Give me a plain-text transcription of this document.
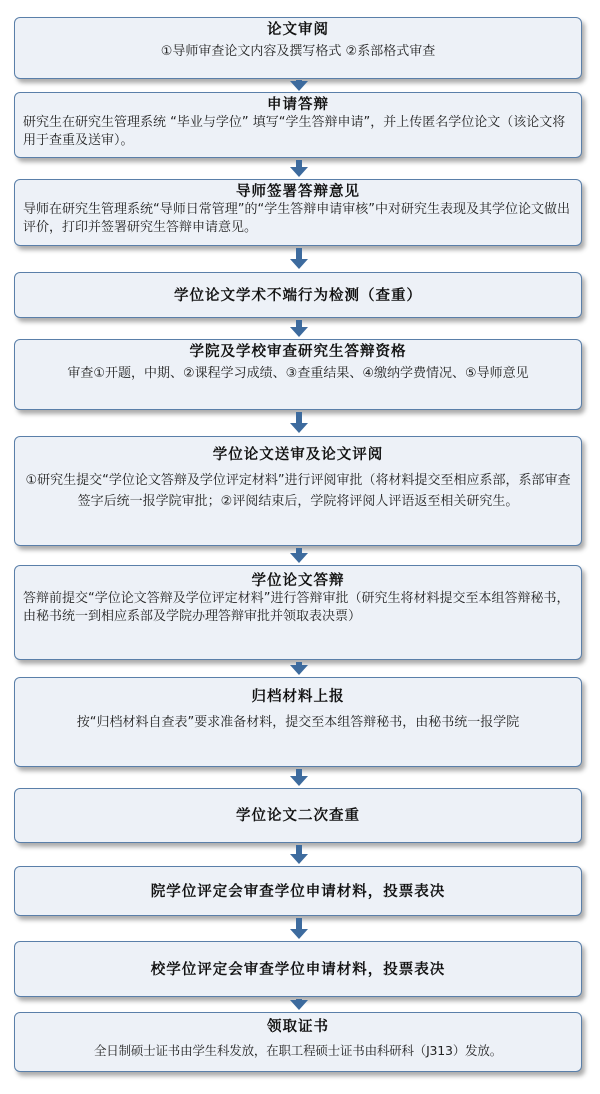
论文审阅
①导师审查论文内容及撰写格式 ②系部格式审查
申请答辩
研究生在研究生管理系统 “毕业与学位” 填写“学生答辩申请”，并上传匿名学位论文（该论文将用于查重及送审）。
导师签署答辩意见
导师在研究生管理系统“导师日常管理”的“学生答辩申请审核”中对研究生表现及其学位论文做出评价，打印并签署研究生答辩申请意见。
学位论文学术不端行为检测（查重）
学院及学校审查研究生答辩资格
审查①开题，中期、②课程学习成绩、③查重结果、④缴纳学费情况、⑤导师意见
学位论文送审及论文评阅
①研究生提交“学位论文答辩及学位评定材料”进行评阅审批（将材料提交至相应系部，系部审查签字后统一报学院审批；②评阅结束后，学院将评阅人评语返至相关研究生。
学位论文答辩
答辩前提交“学位论文答辩及学位评定材料”进行答辩审批（研究生将材料提交至本组答辩秘书，由秘书统一到相应系部及学院办理答辩审批并领取表决票）
归档材料上报
按“归档材料自查表”要求准备材料，提交至本组答辩秘书，由秘书统一报学院
学位论文二次查重
院学位评定会审查学位申请材料，投票表决
校学位评定会审查学位申请材料，投票表决
领取证书
全日制硕士证书由学生科发放，在职工程硕士证书由科研科（J313）发放。
